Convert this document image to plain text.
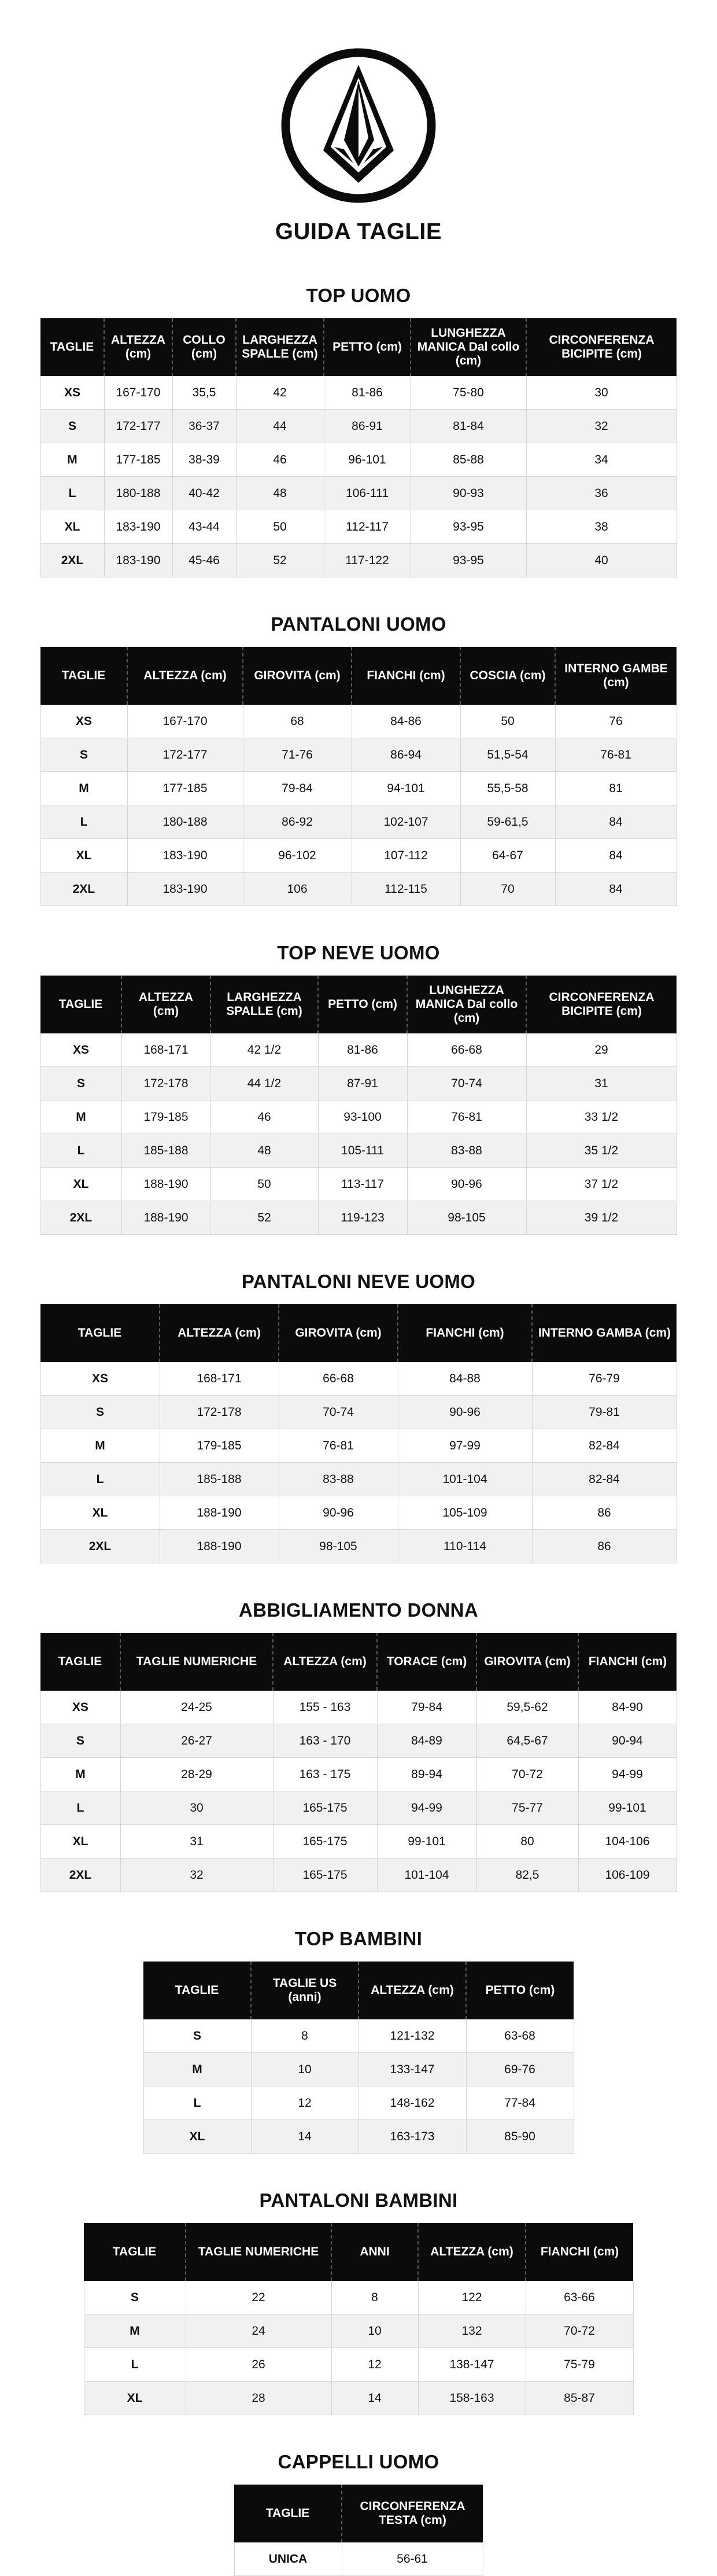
GUIDA TAGLIE
TOP UOMO
TAGLIE	ALTEZZA (cm)	COLLO (cm)	LARGHEZZA SPALLE (cm)	PETTO (cm)	LUNGHEZZA MANICA Dal collo (cm)	CIRCONFERENZA BICIPITE (cm)
XS	167-170	35,5	42	81-86	75-80	30
S	172-177	36-37	44	86-91	81-84	32
M	177-185	38-39	46	96-101	85-88	34
L	180-188	40-42	48	106-111	90-93	36
XL	183-190	43-44	50	112-117	93-95	38
2XL	183-190	45-46	52	117-122	93-95	40
PANTALONI UOMO
TAGLIE	ALTEZZA (cm)	GIROVITA (cm)	FIANCHI (cm)	COSCIA (cm)	INTERNO GAMBE (cm)
XS	167-170	68	84-86	50	76
S	172-177	71-76	86-94	51,5-54	76-81
M	177-185	79-84	94-101	55,5-58	81
L	180-188	86-92	102-107	59-61,5	84
XL	183-190	96-102	107-112	64-67	84
2XL	183-190	106	112-115	70	84
TOP NEVE UOMO
TAGLIE	ALTEZZA (cm)	LARGHEZZA SPALLE (cm)	PETTO (cm)	LUNGHEZZA MANICA Dal collo (cm)	CIRCONFERENZA BICIPITE (cm)
XS	168-171	42 1/2	81-86	66-68	29
S	172-178	44 1/2	87-91	70-74	31
M	179-185	46	93-100	76-81	33 1/2
L	185-188	48	105-111	83-88	35 1/2
XL	188-190	50	113-117	90-96	37 1/2
2XL	188-190	52	119-123	98-105	39 1/2
PANTALONI NEVE UOMO
TAGLIE	ALTEZZA (cm)	GIROVITA (cm)	FIANCHI (cm)	INTERNO GAMBA (cm)
XS	168-171	66-68	84-88	76-79
S	172-178	70-74	90-96	79-81
M	179-185	76-81	97-99	82-84
L	185-188	83-88	101-104	82-84
XL	188-190	90-96	105-109	86
2XL	188-190	98-105	110-114	86
ABBIGLIAMENTO DONNA
TAGLIE	TAGLIE NUMERICHE	ALTEZZA (cm)	TORACE (cm)	GIROVITA (cm)	FIANCHI (cm)
XS	24-25	155 - 163	79-84	59,5-62	84-90
S	26-27	163 - 170	84-89	64,5-67	90-94
M	28-29	163 - 175	89-94	70-72	94-99
L	30	165-175	94-99	75-77	99-101
XL	31	165-175	99-101	80	104-106
2XL	32	165-175	101-104	82,5	106-109
TOP BAMBINI
TAGLIE	TAGLIE US (anni)	ALTEZZA (cm)	PETTO (cm)
S	8	121-132	63-68
M	10	133-147	69-76
L	12	148-162	77-84
XL	14	163-173	85-90
PANTALONI BAMBINI
TAGLIE	TAGLIE NUMERICHE	ANNI	ALTEZZA (cm)	FIANCHI (cm)
S	22	8	122	63-66
M	24	10	132	70-72
L	26	12	138-147	75-79
XL	28	14	158-163	85-87
CAPPELLI UOMO
TAGLIE	CIRCONFERENZA TESTA (cm)
UNICA	56-61
